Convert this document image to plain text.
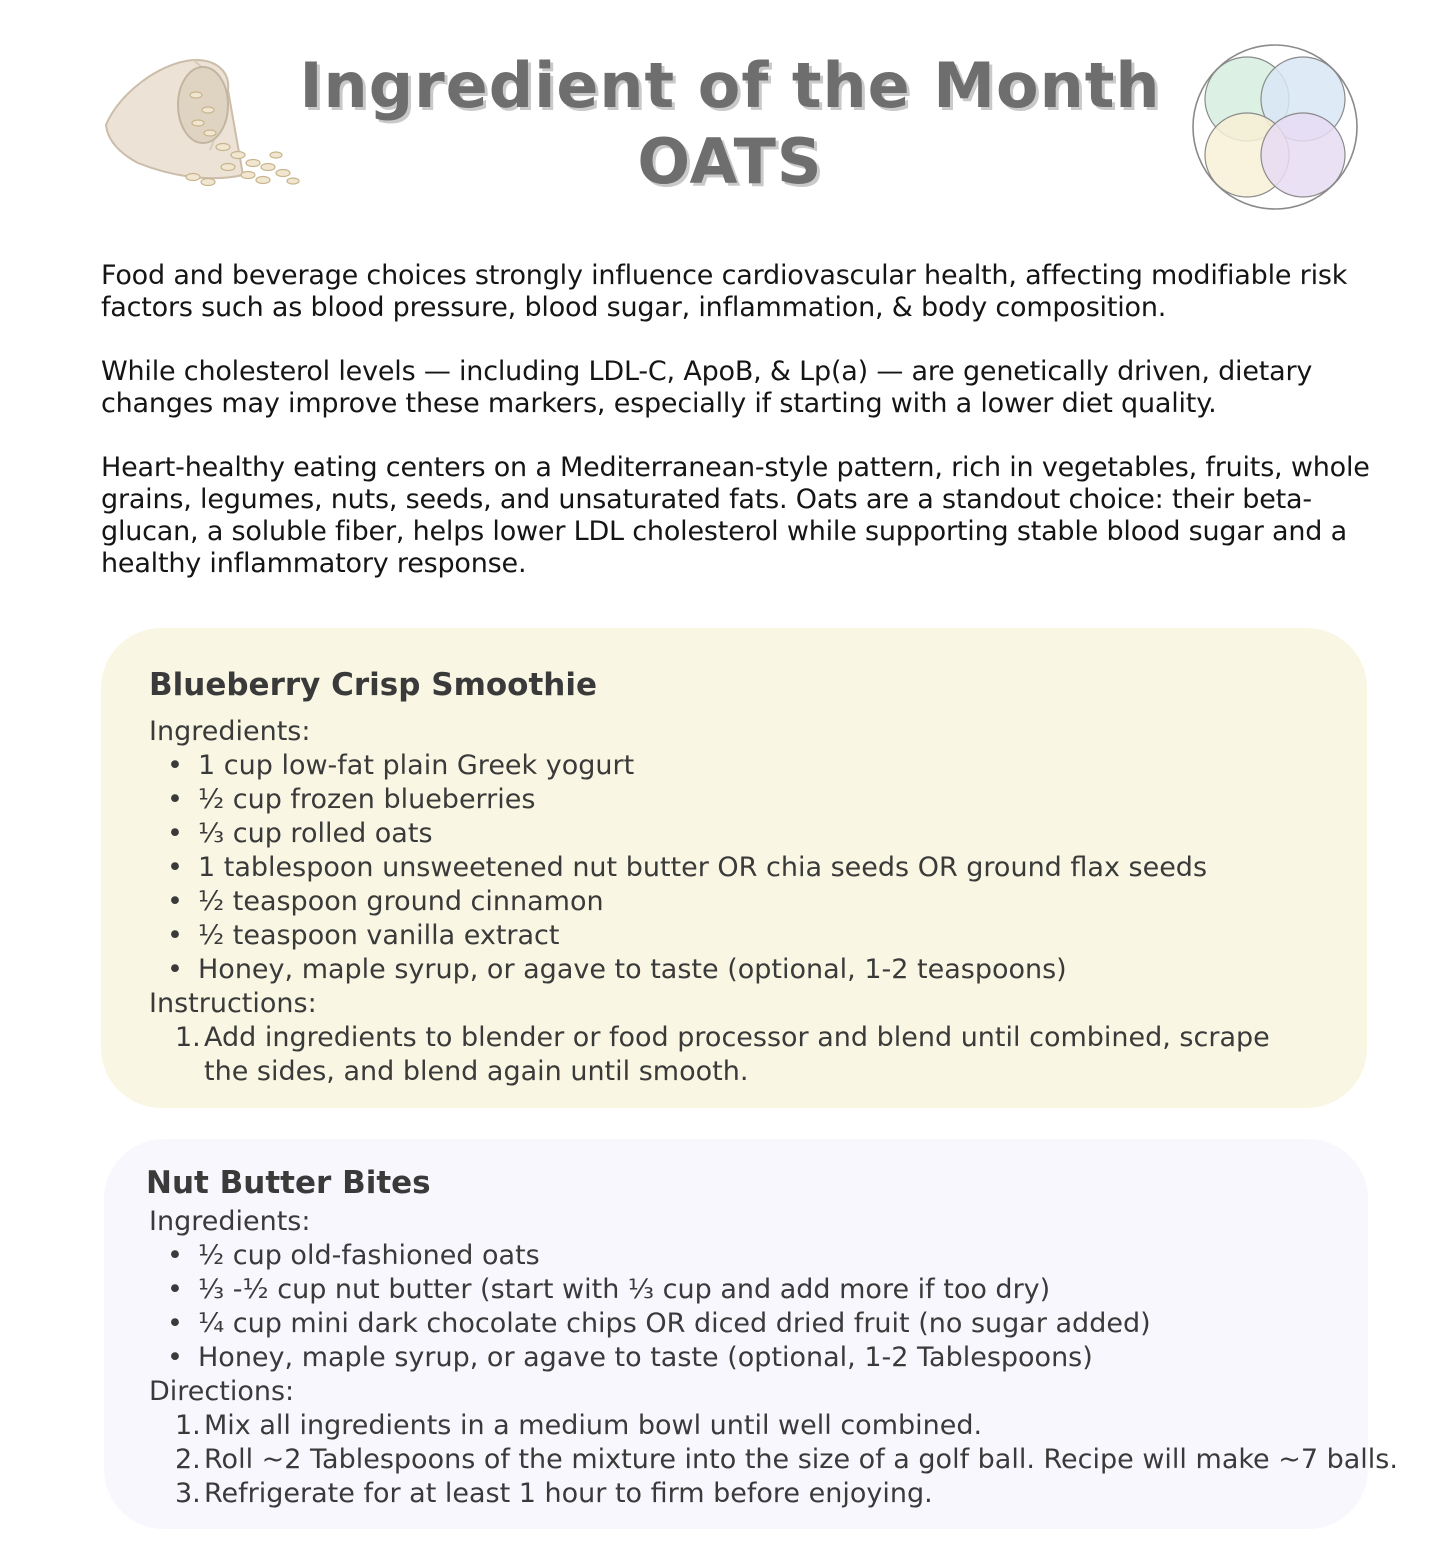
Ingredient of the Month
OATS

Food and beverage choices strongly influence cardiovascular health, affecting modifiable risk factors such as blood pressure, blood sugar, inflammation, & body composition.

While cholesterol levels — including LDL-C, ApoB, & Lp(a) — are genetically driven, dietary changes may improve these markers, especially if starting with a lower diet quality.

Heart-healthy eating centers on a Mediterranean-style pattern, rich in vegetables, fruits, whole grains, legumes, nuts, seeds, and unsaturated fats. Oats are a standout choice: their beta-glucan, a soluble fiber, helps lower LDL cholesterol while supporting stable blood sugar and a healthy inflammatory response.

Blueberry Crisp Smoothie
Ingredients:
• 1 cup low-fat plain Greek yogurt
• ½ cup frozen blueberries
• ⅓ cup rolled oats
• 1 tablespoon unsweetened nut butter OR chia seeds OR ground flax seeds
• ½ teaspoon ground cinnamon
• ½ teaspoon vanilla extract
• Honey, maple syrup, or agave to taste (optional, 1-2 teaspoons)
Instructions:
1. Add ingredients to blender or food processor and blend until combined, scrape the sides, and blend again until smooth.
Nut Butter Bites
Ingredients:
• ½ cup old-fashioned oats
• ⅓ -½ cup nut butter (start with ⅓ cup and add more if too dry)
• ¼ cup mini dark chocolate chips OR diced dried fruit (no sugar added)
• Honey, maple syrup, or agave to taste (optional, 1-2 Tablespoons)
Directions:
1. Mix all ingredients in a medium bowl until well combined.
2. Roll ~2 Tablespoons of the mixture into the size of a golf ball. Recipe will make ~7 balls.
3. Refrigerate for at least 1 hour to firm before enjoying.
